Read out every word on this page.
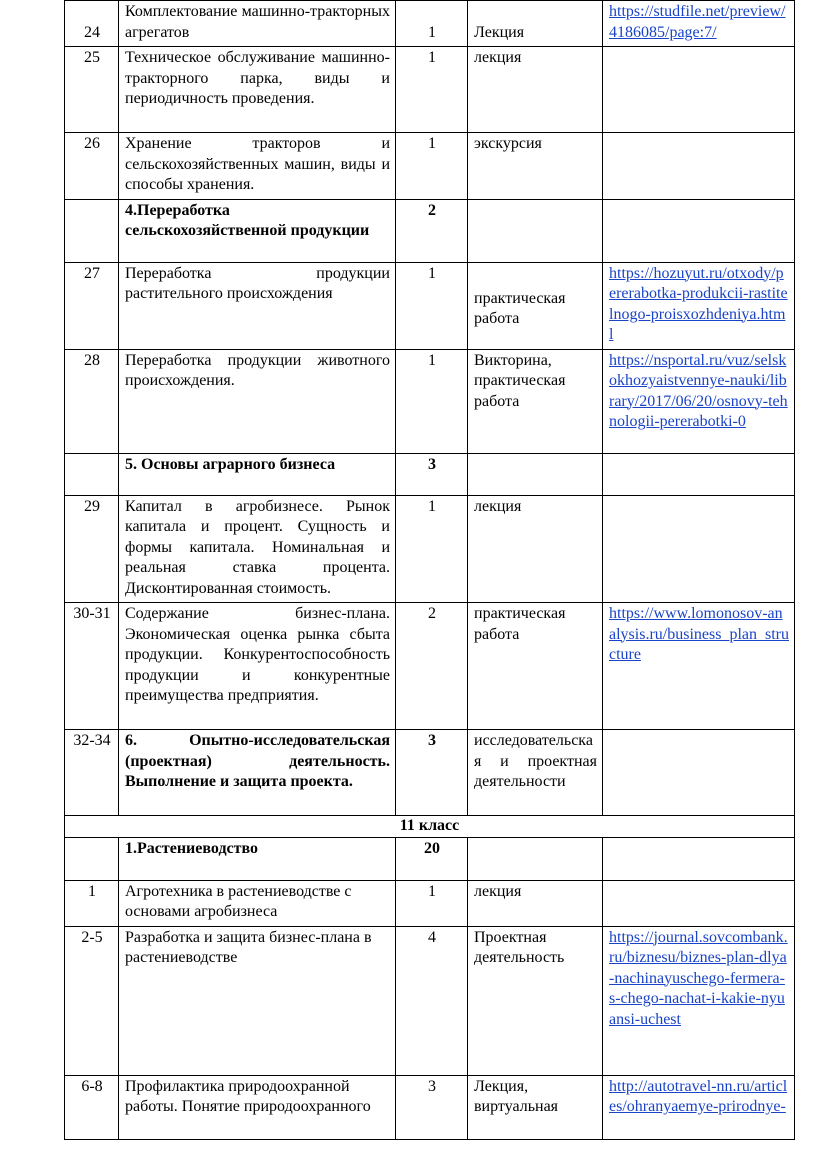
24	Комплектование машинно-тракторных агрегатов	1	Лекция	https://studfile.net/preview/4186085/page:7/
25	Техническое обслуживание машинно-тракторного парка, виды и периодичность проведения.	1	лекция	
26	Хранение тракторов и сельскохозяйственных машин, виды и способы хранения.	1	экскурсия	
	4.Переработка сельскохозяйственной продукции	2		
27	Переработка продукции растительного происхождения	1	практическая работа	https://hozuyut.ru/otxody/pererabotka-produkcii-rastitelnogo-proisxozhdeniya.html
28	Переработка продукции животного происхождения.	1	Викторина, практическая работа	https://nsportal.ru/vuz/selskokhozyaistvennye-nauki/library/2017/06/20/osnovy-tehnologii-pererabotki-0
	5. Основы аграрного бизнеса	3		
29	Капитал в агробизнесе. Рынок капитала и процент. Сущность и формы капитала. Номинальная и реальная ставка процента. Дисконтированная стоимость.	1	лекция	
30-31	Содержание бизнес-плана. Экономическая оценка рынка сбыта продукции. Конкурентоспособность продукции и конкурентные преимущества предприятия.	2	практическая работа	https://www.lomonosov-analysis.ru/business_plan_structure
32-34	6. Опытно-исследовательская (проектная) деятельность. Выполнение и защита проекта.	3	исследовательская и проектная деятельности	
11 класс				
	1.Растениеводство	20		
1	Агротехника в растениеводстве с основами агробизнеса	1	лекция	
2-5	Разработка и защита бизнес-плана в растениеводстве	4	Проектная деятельность	https://journal.sovcombank.ru/biznesu/biznes-plan-dlya-nachinayuschego-fermera-s-chego-nachat-i-kakie-nyuansi-uchest
6-8	Профилактика природоохранной работы. Понятие природоохранного	3	Лекция, виртуальная	http://autotravel-nn.ru/articles/ohranyaemye-prirodnye-
